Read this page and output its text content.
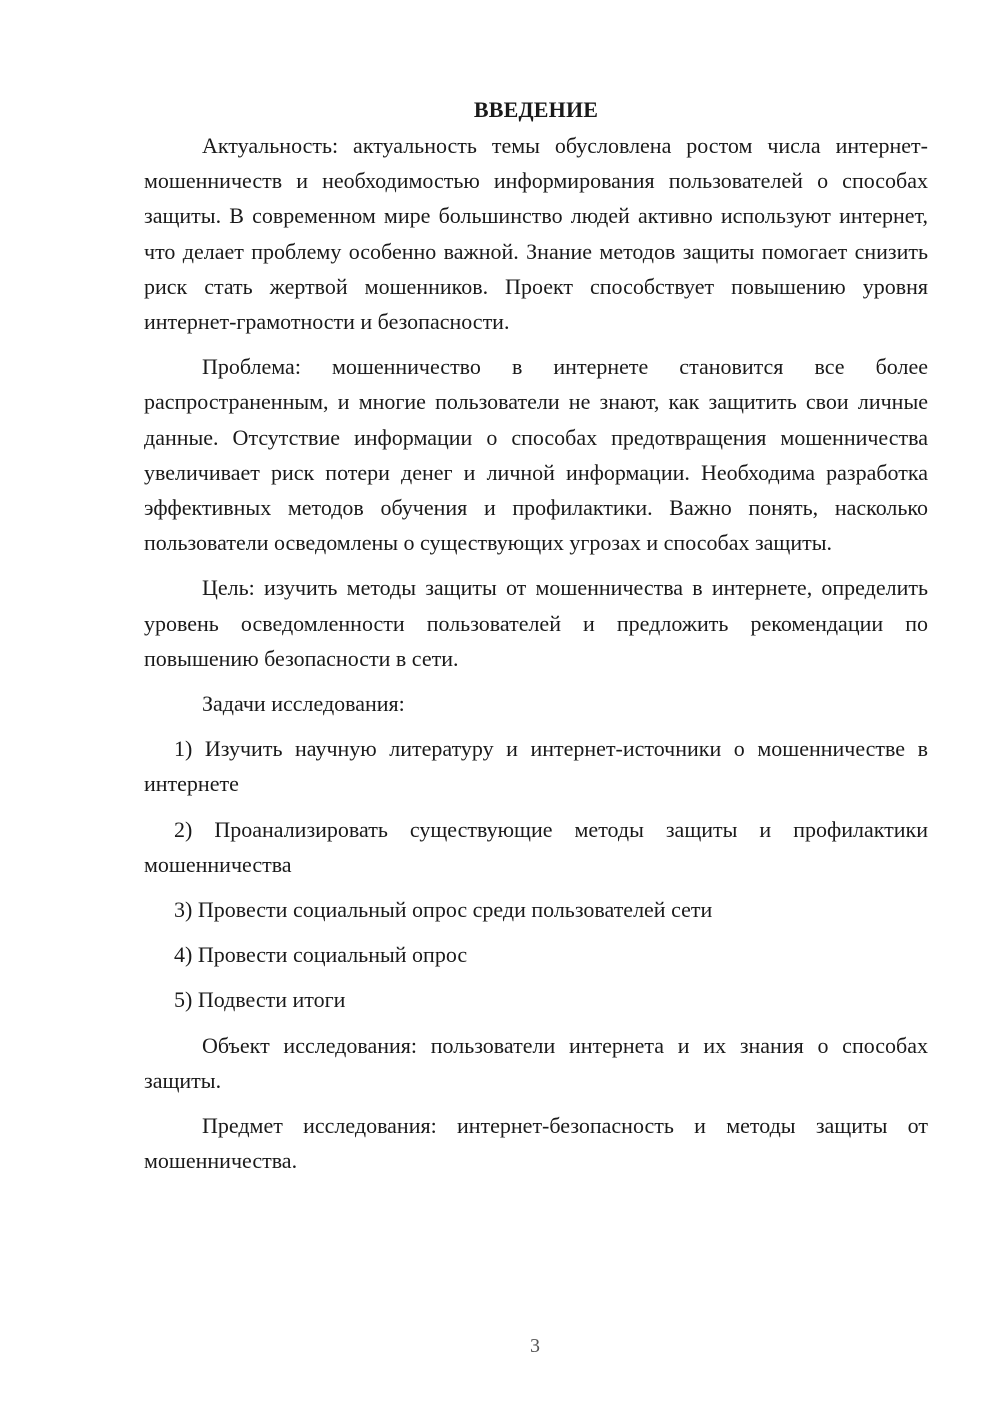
ВВЕДЕНИЕ

Актуальность: актуальность темы обусловлена ростом числа интернет-мошенничеств и необходимостью информирования пользователей о способах защиты. В современном мире большинство людей активно используют интернет, что делает проблему особенно важной. Знание методов защиты помогает снизить риск стать жертвой мошенников. Проект способствует повышению уровня интернет-грамотности и безопасности.

Проблема: мошенничество в интернете становится все более распространенным, и многие пользователи не знают, как защитить свои личные данные. Отсутствие информации о способах предотвращения мошенничества увеличивает риск потери денег и личной информации. Необходима разработка эффективных методов обучения и профилактики. Важно понять, насколько пользователи осведомлены о существующих угрозах и способах защиты.

Цель: изучить методы защиты от мошенничества в интернете, определить уровень осведомленности пользователей и предложить рекомендации по повышению безопасности в сети.

Задачи исследования:

1) Изучить научную литературу и интернет-источники о мошенничестве в интернете

2) Проанализировать существующие методы защиты и профилактики мошенничества

3) Провести социальный опрос среди пользователей сети

4) Провести социальный опрос

5) Подвести итоги

Объект исследования: пользователи интернета и их знания о способах защиты.

Предмет исследования: интернет-безопасность и методы защиты от мошенничества.

3
